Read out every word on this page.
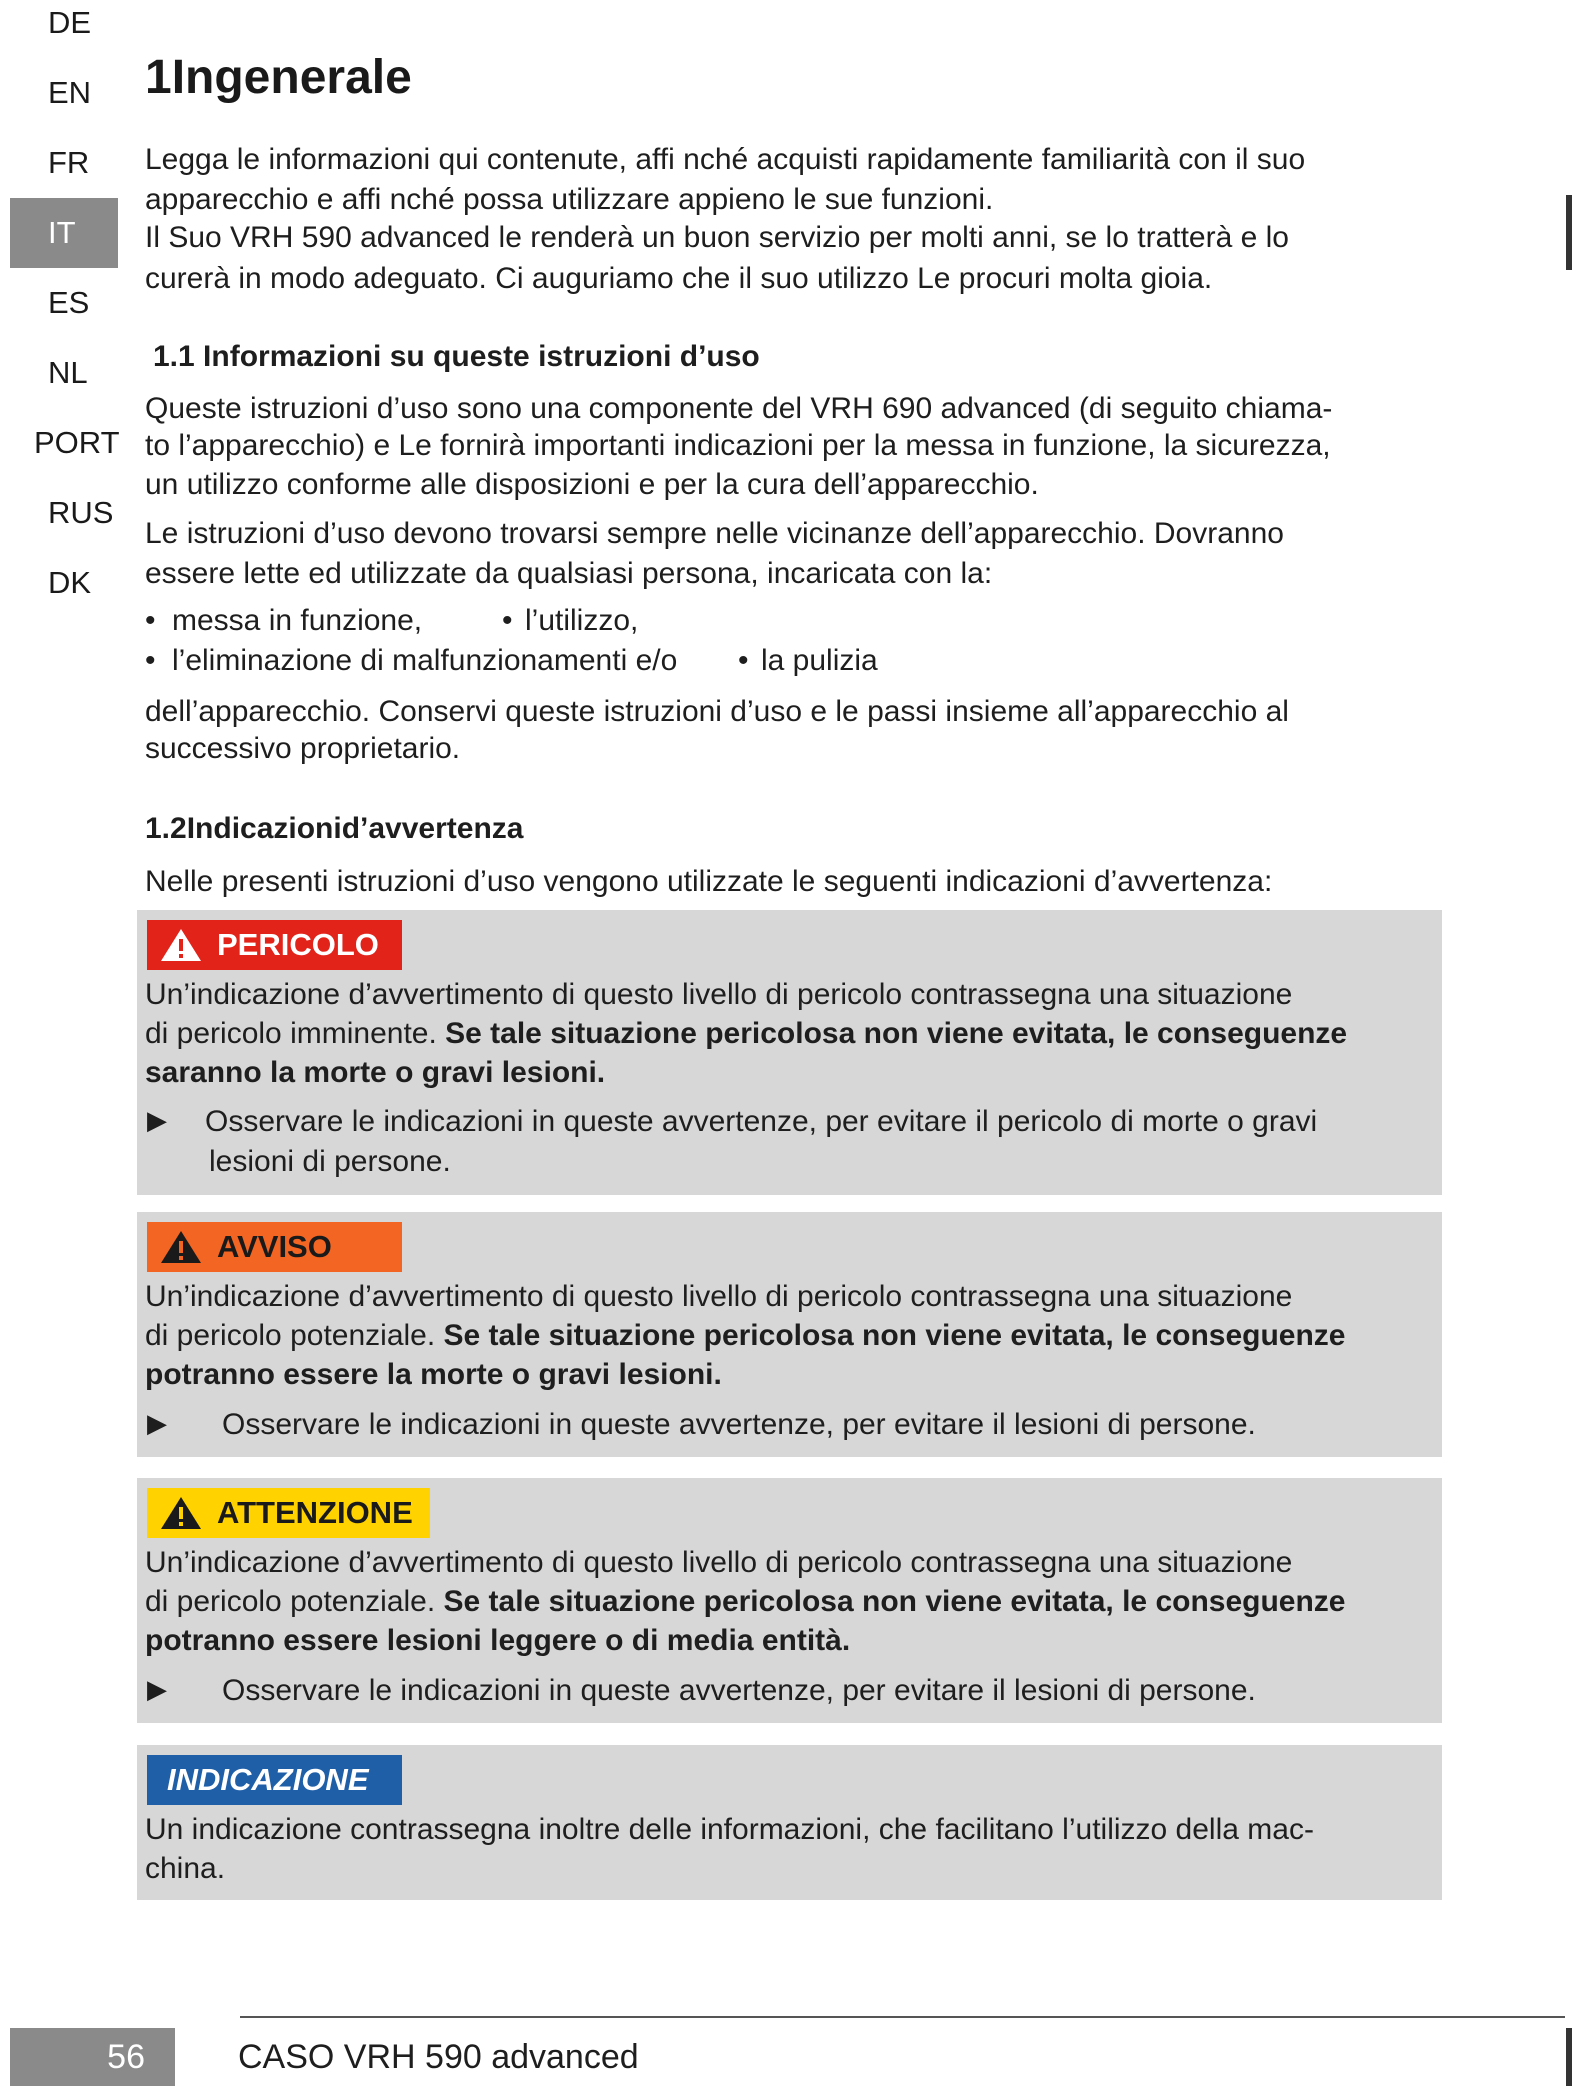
DE
EN
FR
IT
ES
NL
PORT
RUS
DK
1Ingenerale
Legga le informazioni qui contenute, affi nché acquisti rapidamente familiarità con il suo
apparecchio e affi nché possa utilizzare appieno le sue funzioni.
Il Suo VRH 590 advanced le renderà un buon servizio per molti anni, se lo tratterà e lo
curerà in modo adeguato. Ci auguriamo che il suo utilizzo Le procuri molta gioia.
1.1 Informazioni su queste istruzioni d’uso
Queste istruzioni d’uso sono una componente del VRH 690 advanced (di seguito chiama-
to l’apparecchio) e Le fornirà importanti indicazioni per la messa in funzione, la sicurezza,
un utilizzo conforme alle disposizioni e per la cura dell’apparecchio.
Le istruzioni d’uso devono trovarsi sempre nelle vicinanze dell’apparecchio. Dovranno
essere lette ed utilizzate da qualsiasi persona, incaricata con la:
• messa in funzione,	• l’utilizzo,
• l’eliminazione di malfunzionamenti e/o • la pulizia
dell’apparecchio. Conservi queste istruzioni d’uso e le passi insieme all’apparecchio al
successivo proprietario.
1.2Indicazionid’avvertenza
Nelle presenti istruzioni d’uso vengono utilizzate le seguenti indicazioni d’avvertenza:
PERICOLO
Un’indicazione d’avvertimento di questo livello di pericolo contrassegna una situazione
di pericolo imminente. Se tale situazione pericolosa non viene evitata, le conseguenze
saranno la morte o gravi lesioni.
▶ Osservare le indicazioni in queste avvertenze, per evitare il pericolo di morte o gravi
lesioni di persone.
AVVISO
Un’indicazione d’avvertimento di questo livello di pericolo contrassegna una situazione
di pericolo potenziale. Se tale situazione pericolosa non viene evitata, le conseguenze
potranno essere la morte o gravi lesioni.
▶ Osservare le indicazioni in queste avvertenze, per evitare il lesioni di persone.
ATTENZIONE
Un’indicazione d’avvertimento di questo livello di pericolo contrassegna una situazione
di pericolo potenziale. Se tale situazione pericolosa non viene evitata, le conseguenze
potranno essere lesioni leggere o di media entità.
▶ Osservare le indicazioni in queste avvertenze, per evitare il lesioni di persone.
INDICAZIONE
Un indicazione contrassegna inoltre delle informazioni, che facilitano l’utilizzo della mac-
china.
56	CASO VRH 590 advanced
